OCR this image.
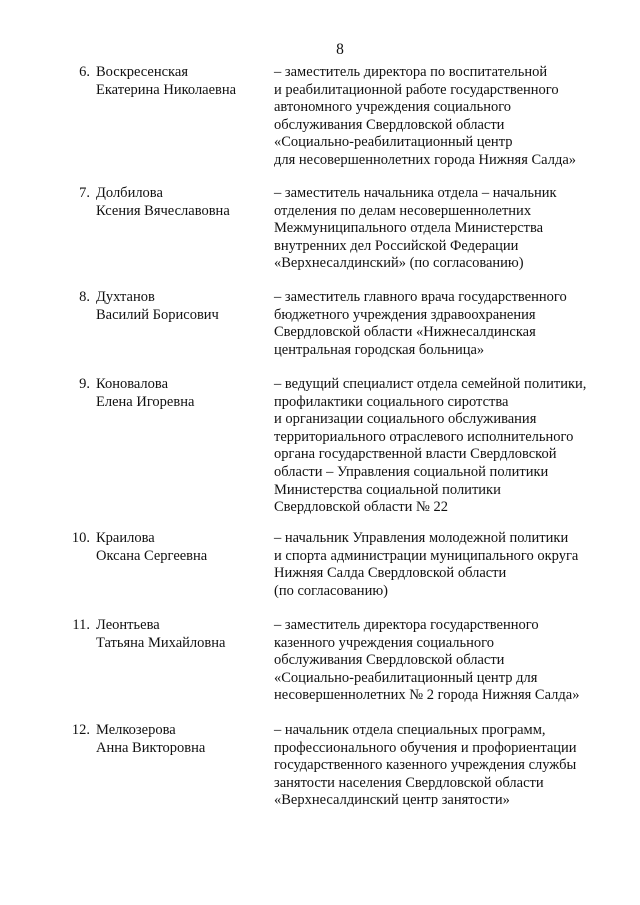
8
6. Воскресенская
Екатерина Николаевна
– заместитель директора по воспитательной
и реабилитационной работе государственного
автономного учреждения социального
обслуживания Свердловской области
«Социально-реабилитационный центр
для несовершеннолетних города Нижняя Салда»
7. Долбилова
Ксения Вячеславовна
– заместитель начальника отдела – начальник
отделения по делам несовершеннолетних
Межмуниципального отдела Министерства
внутренних дел Российской Федерации
«Верхнесалдинский» (по согласованию)
8. Духтанов
Василий Борисович
– заместитель главного врача государственного
бюджетного учреждения здравоохранения
Свердловской области «Нижнесалдинская
центральная городская больница»
9. Коновалова
Елена Игоревна
– ведущий специалист отдела семейной политики,
профилактики социального сиротства
и организации социального обслуживания
территориального отраслевого исполнительного
органа государственной власти Свердловской
области – Управления социальной политики
Министерства социальной политики
Свердловской области № 22
10. Краилова
Оксана Сергеевна
– начальник Управления молодежной политики
и спорта администрации муниципального округа
Нижняя Салда Свердловской области
(по согласованию)
11. Леонтьева
Татьяна Михайловна
– заместитель директора государственного
казенного учреждения социального
обслуживания Свердловской области
«Социально-реабилитационный центр для
несовершеннолетних № 2 города Нижняя Салда»
12. Мелкозерова
Анна Викторовна
– начальник отдела специальных программ,
профессионального обучения и профориентации
государственного казенного учреждения службы
занятости населения Свердловской области
«Верхнесалдинский центр занятости»
